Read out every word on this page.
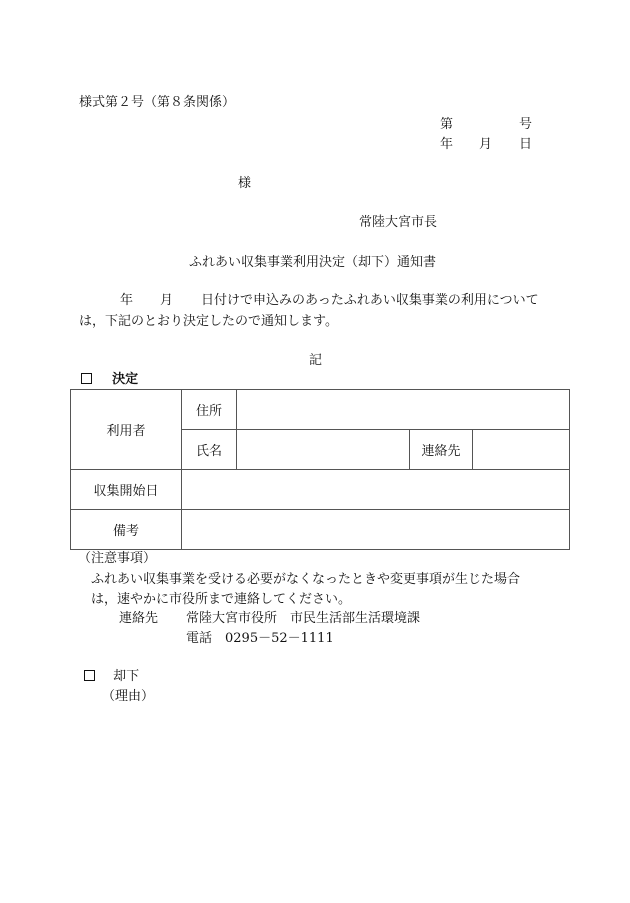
様式第２号（第８条関係）
第	号
年 月 日
様
常陸大宮市長
ふれあい収集事業利用決定（却下）通知書
年 月 日付けで申込みのあったふれあい収集事業の利用について
は，下記のとおり決定したので通知します。
記
決定
利用者	住所			
	氏名		連絡先	
収集開始日				
備考				
（注意事項）
ふれあい収集事業を受ける必要がなくなったときや変更事項が生じた場合
は，速やかに市役所まで連絡してください。
連絡先 常陸大宮市役所　市民生活部生活環境課
電話　0295－52－1111
却下
（理由）
